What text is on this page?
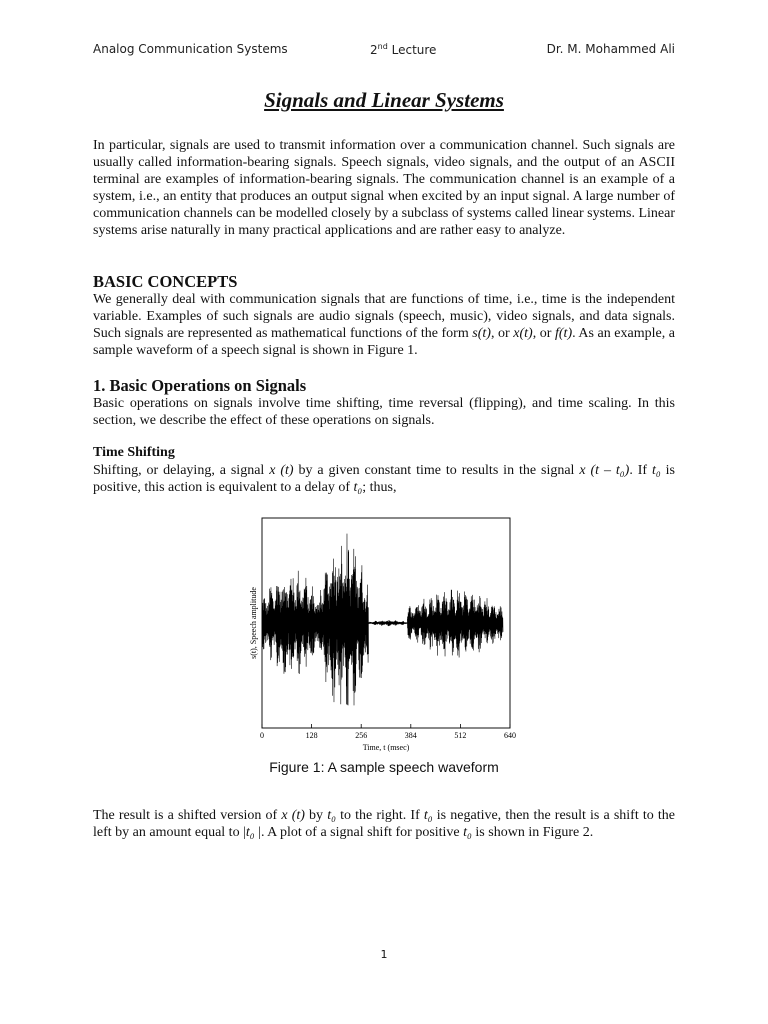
Analog Communication Systems	2nd Lecture	Dr. M. Mohammed Ali
Signals and Linear Systems

In particular, signals are used to transmit information over a communication channel. Such signals are usually called information-bearing signals. Speech signals, video signals, and the output of an ASCII terminal are examples of information-bearing signals. The communication channel is an example of a system, i.e., an entity that produces an output signal when excited by an input signal. A large number of communication channels can be modelled closely by a subclass of systems called linear systems. Linear systems arise naturally in many practical applications and are rather easy to analyze.

BASIC CONCEPTS

We generally deal with communication signals that are functions of time, i.e., time is the independent variable. Examples of such signals are audio signals (speech, music), video signals, and data signals. Such signals are represented as mathematical functions of the form s(t), or x(t), or f(t). As an example, a sample waveform of a speech signal is shown in Figure 1.

1. Basic Operations on Signals

Basic operations on signals involve time shifting, time reversal (flipping), and time scaling. In this section, we describe the effect of these operations on signals.

Time Shifting

Shifting, or delaying, a signal x (t) by a given constant time to results in the signal x (t – t₀). If t₀ is positive, this action is equivalent to a delay of t₀; thus,

0	128	256	384	512	640
s(t), Speech amplitude
Time, t (msec)
Figure 1: A sample speech waveform

The result is a shifted version of x (t) by t₀ to the right. If t₀ is negative, then the result is a shift to the left by an amount equal to |t₀ |. A plot of a signal shift for positive t₀ is shown in Figure 2.

1
